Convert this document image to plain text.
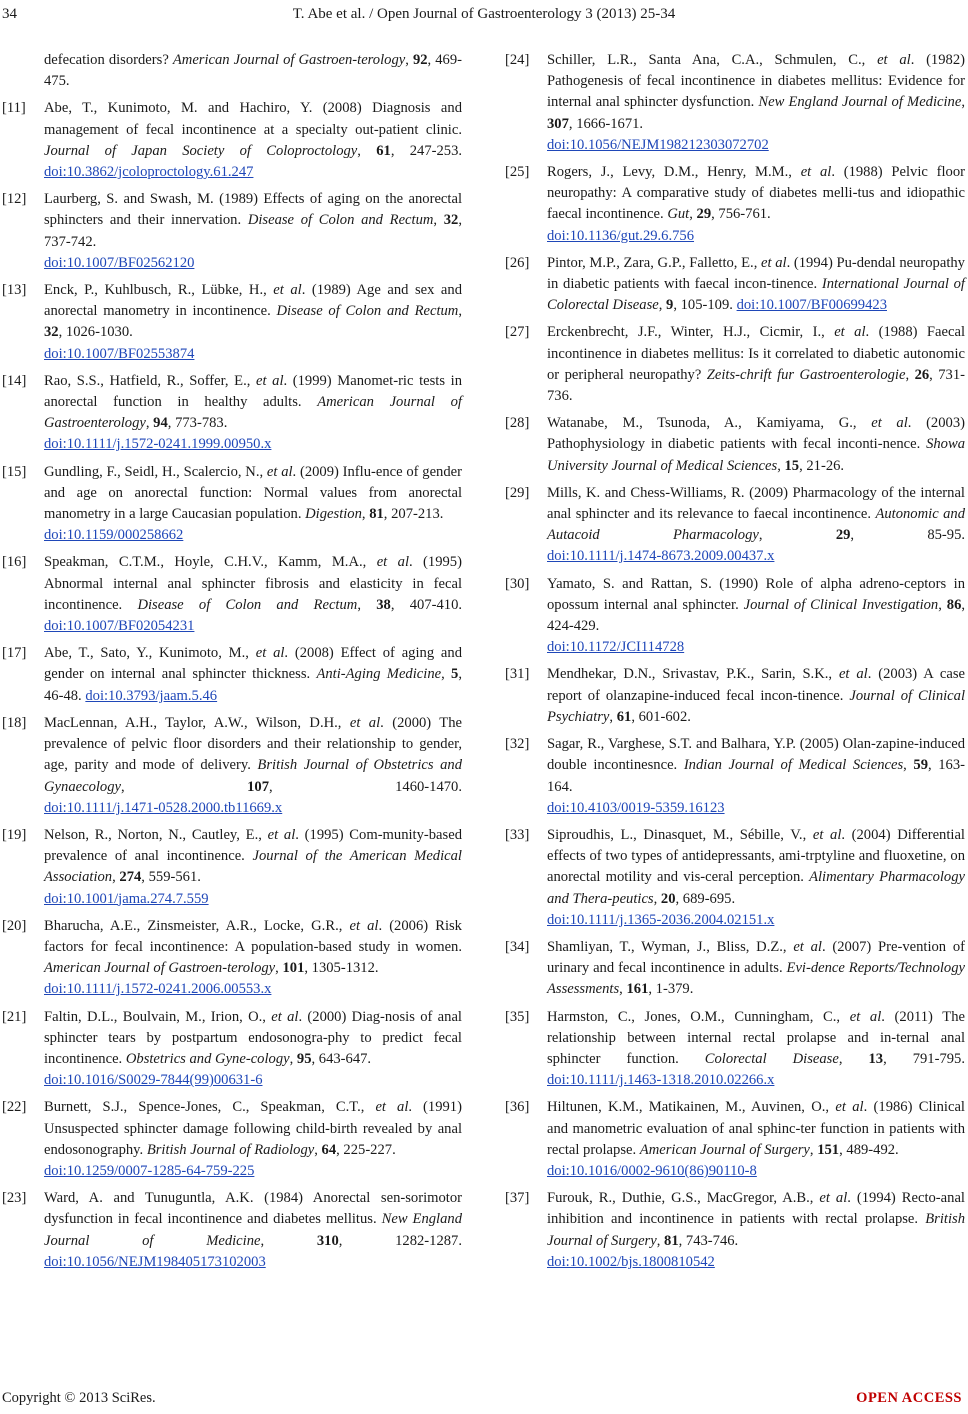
34	T. Abe et al. / Open Journal of Gastroenterology 3 (2013) 25-34
defecation disorders? American Journal of Gastroen-terology, 92, 469-475.
[11] Abe, T., Kunimoto, M. and Hachiro, Y. (2008) Diagnosis and management of fecal incontinence at a specialty out-patient clinic. Journal of Japan Society of Coloproctology, 61, 247-253. doi:10.3862/jcoloproctology.61.247
[12] Laurberg, S. and Swash, M. (1989) Effects of aging on the anorectal sphincters and their innervation. Disease of Colon and Rectum, 32, 737-742.
doi:10.1007/BF02562120
[13] Enck, P., Kuhlbusch, R., Lübke, H., et al. (1989) Age and sex and anorectal manometry in incontinence. Disease of Colon and Rectum, 32, 1026-1030.
doi:10.1007/BF02553874
[14] Rao, S.S., Hatfield, R., Soffer, E., et al. (1999) Manomet-ric tests in anorectal function in healthy adults. American Journal of Gastroenterology, 94, 773-783.
doi:10.1111/j.1572-0241.1999.00950.x
[15] Gundling, F., Seidl, H., Scalercio, N., et al. (2009) Influ-ence of gender and age on anorectal function: Normal values from anorectal manometry in a large Caucasian population. Digestion, 81, 207-213.
doi:10.1159/000258662
[16] Speakman, C.T.M., Hoyle, C.H.V., Kamm, M.A., et al. (1995) Abnormal internal anal sphincter fibrosis and elasticity in fecal incontinence. Disease of Colon and Rectum, 38, 407-410. doi:10.1007/BF02054231
[17] Abe, T., Sato, Y., Kunimoto, M., et al. (2008) Effect of aging and gender on internal anal sphincter thickness. Anti-Aging Medicine, 5, 46-48. doi:10.3793/jaam.5.46
[18] MacLennan, A.H., Taylor, A.W., Wilson, D.H., et al. (2000) The prevalence of pelvic floor disorders and their relationship to gender, age, parity and mode of delivery. British Journal of Obstetrics and Gynaecology, 107, 1460-1470. doi:10.1111/j.1471-0528.2000.tb11669.x
[19] Nelson, R., Norton, N., Cautley, E., et al. (1995) Com-munity-based prevalence of anal incontinence. Journal of the American Medical Association, 274, 559-561.
doi:10.1001/jama.274.7.559
[20] Bharucha, A.E., Zinsmeister, A.R., Locke, G.R., et al. (2006) Risk factors for fecal incontinence: A population-based study in women. American Journal of Gastroen-terology, 101, 1305-1312.
doi:10.1111/j.1572-0241.2006.00553.x
[21] Faltin, D.L., Boulvain, M., Irion, O., et al. (2000) Diag-nosis of anal sphincter tears by postpartum endosonogra-phy to predict fecal incontinence. Obstetrics and Gyne-cology, 95, 643-647.
doi:10.1016/S0029-7844(99)00631-6
[22] Burnett, S.J., Spence-Jones, C., Speakman, C.T., et al. (1991) Unsuspected sphincter damage following child-birth revealed by anal endosonography. British Journal of Radiology, 64, 225-227.
doi:10.1259/0007-1285-64-759-225
[23] Ward, A. and Tunuguntla, A.K. (1984) Anorectal sen-sorimotor dysfunction in fecal incontinence and diabetes mellitus. New England Journal of Medicine, 310, 1282-1287. doi:10.1056/NEJM198405173102003
[24] Schiller, L.R., Santa Ana, C.A., Schmulen, C., et al. (1982) Pathogenesis of fecal incontinence in diabetes mellitus: Evidence for internal anal sphincter dysfunction. New England Journal of Medicine, 307, 1666-1671.
doi:10.1056/NEJM198212303072702
[25] Rogers, J., Levy, D.M., Henry, M.M., et al. (1988) Pelvic floor neuropathy: A comparative study of diabetes melli-tus and idiopathic faecal incontinence. Gut, 29, 756-761.
doi:10.1136/gut.29.6.756
[26] Pintor, M.P., Zara, G.P., Falletto, E., et al. (1994) Pu-dendal neuropathy in diabetic patients with faecal incon-tinence. International Journal of Colorectal Disease, 9, 105-109. doi:10.1007/BF00699423
[27] Erckenbrecht, J.F., Winter, H.J., Cicmir, I., et al. (1988) Faecal incontinence in diabetes mellitus: Is it correlated to diabetic autonomic or peripheral neuropathy? Zeits-chrift fur Gastroenterologie, 26, 731-736.
[28] Watanabe, M., Tsunoda, A., Kamiyama, G., et al. (2003) Pathophysiology in diabetic patients with fecal inconti-nence. Showa University Journal of Medical Sciences, 15, 21-26.
[29] Mills, K. and Chess-Williams, R. (2009) Pharmacology of the internal anal sphincter and its relevance to faecal incontinence. Autonomic and Autacoid Pharmacology, 29, 85-95. doi:10.1111/j.1474-8673.2009.00437.x
[30] Yamato, S. and Rattan, S. (1990) Role of alpha adreno-ceptors in opossum internal anal sphincter. Journal of Clinical Investigation, 86, 424-429.
doi:10.1172/JCI114728
[31] Mendhekar, D.N., Srivastav, P.K., Sarin, S.K., et al. (2003) A case report of olanzapine-induced fecal incon-tinence. Journal of Clinical Psychiatry, 61, 601-602.
[32] Sagar, R., Varghese, S.T. and Balhara, Y.P. (2005) Olan-zapine-induced double incontinesnce. Indian Journal of Medical Sciences, 59, 163-164.
doi:10.4103/0019-5359.16123
[33] Siproudhis, L., Dinasquet, M., Sébille, V., et al. (2004) Differential effects of two types of antidepressants, ami-trptyline and fluoxetine, on anorectal motility and vis-ceral perception. Alimentary Pharmacology and Thera-peutics, 20, 689-695.
doi:10.1111/j.1365-2036.2004.02151.x
[34] Shamliyan, T., Wyman, J., Bliss, D.Z., et al. (2007) Pre-vention of urinary and fecal incontinence in adults. Evi-dence Reports/Technology Assessments, 161, 1-379.
[35] Harmston, C., Jones, O.M., Cunningham, C., et al. (2011) The relationship between internal rectal prolapse and in-ternal anal sphincter function. Colorectal Disease, 13, 791-795. doi:10.1111/j.1463-1318.2010.02266.x
[36] Hiltunen, K.M., Matikainen, M., Auvinen, O., et al. (1986) Clinical and manometric evaluation of anal sphinc-ter function in patients with rectal prolapse. American Journal of Surgery, 151, 489-492.
doi:10.1016/0002-9610(86)90110-8
[37] Furouk, R., Duthie, G.S., MacGregor, A.B., et al. (1994) Recto-anal inhibition and incontinence in patients with rectal prolapse. British Journal of Surgery, 81, 743-746.
doi:10.1002/bjs.1800810542
Copyright © 2013 SciRes.	OPEN ACCESS
